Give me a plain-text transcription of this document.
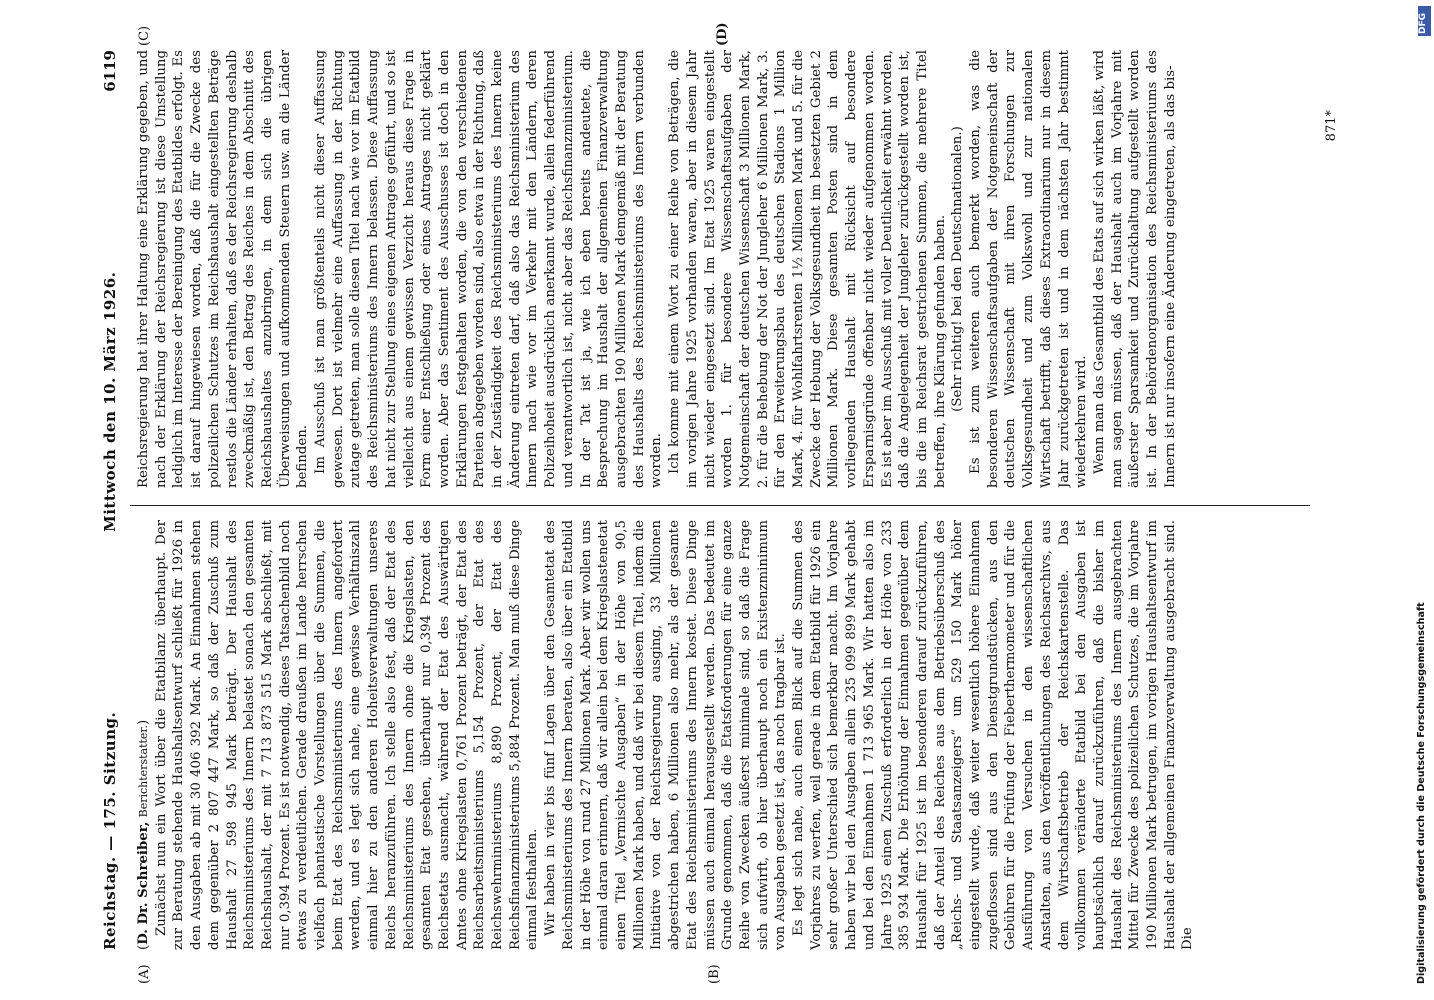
Reichstag. — 175. Sitzung.
Mittwoch den 10. März 1926.
6119

(D. Dr. Schreiber, Berichterstatter.) Zunächst nun ein Wort über die Etatbilanz überhaupt. Der zur Beratung stehende Haushaltsentwurf schließt für 1926 in den Ausgaben ab mit 30 406 392 Mark. An Einnahmen stehen dem gegenüber 2 807 447 Mark, so daß der Zuschuß zum Haushalt 27 598 945 Mark beträgt. Der Haushalt des Reichsministeriums des Innern belastet sonach den gesamten Reichshaushalt, der mit 7 713 873 515 Mark abschließt, mit nur 0,394 Prozent. Es ist notwendig, dieses Tatsachenbild noch etwas zu verdeutlichen. Gerade draußen im Lande herrschen vielfach phantastische Vorstellungen über die Summen, die beim Etat des Reichsministeriums des Innern angefordert werden, und es legt sich nahe, eine gewisse Verhältniszahl einmal hier zu den anderen Hoheitsverwaltungen unseres Reichs heranzuführen. Ich stelle also fest, daß der Etat des Reichsministeriums des Innern ohne die Kriegslasten, den gesamten Etat gesehen, überhaupt nur 0,394 Prozent des Reichsetats ausmacht, während der Etat des Auswärtigen Amtes ohne Kriegslasten 0,761 Prozent beträgt, der Etat des Reichsarbeitsministeriums 5,154 Prozent, der Etat des Reichswehrministeriums 8,890 Prozent, der Etat des Reichsfinanzministeriums 5,884 Prozent. Man muß diese Dinge einmal festhalten. Wir haben in vier bis fünf Lagen über den Gesamtetat des Reichsministeriums des Innern beraten, also über ein Etatbild in der Höhe von rund 27 Millionen Mark. Aber wir wollen uns einmal daran erinnern, daß wir allein bei dem Kriegslastenetat einen Titel „Vermischte Ausgaben“ in der Höhe von 90,5 Millionen Mark haben, und daß wir bei diesem Titel, indem die Initiative von der Reichsregierung ausging, 33 Millionen abgestrichen haben, 6 Millionen also mehr, als der gesamte Etat des Reichsministeriums des Innern kostet. Diese Dinge müssen auch einmal herausgestellt werden. Das bedeutet im Grunde genommen, daß die Etatsforderungen für eine ganze Reihe von Zwecken äußerst minimale sind, so daß die Frage sich aufwirft, ob hier überhaupt noch ein Existenzminimum von Ausgaben gesetzt ist, das noch tragbar ist. Es legt sich nahe, auch einen Blick auf die Summen des Vorjahres zu werfen, weil gerade in dem Etatbild für 1926 ein sehr großer Unterschied sich bemerkbar macht. Im Vorjahre haben wir bei den Ausgaben allein 235 099 899 Mark gehabt und bei den Einnahmen 1 713 965 Mark. Wir hatten also im Jahre 1925 einen Zuschuß erforderlich in der Höhe von 233 385 934 Mark. Die Erhöhung der Einnahmen gegenüber dem Haushalt für 1925 ist im besonderen darauf zurückzuführen, daß der Anteil des Reiches aus dem Betriebsüberschuß des „Reichs- und Staatsanzeigers“ um 529 150 Mark höher eingestellt wurde, daß weiter wesentlich höhere Einnahmen zugeflossen sind aus den Dienstgrundstücken, aus den Gebühren für die Prüfung der Fieberthermometer und für die Ausführung von Versuchen in den wissenschaftlichen Anstalten, aus den Veröffentlichungen des Reichsarchivs, aus dem Wirtschaftsbetrieb der Reichskartenstelle. Das vollkommen veränderte Etatbild bei den Ausgaben ist hauptsächlich darauf zurückzuführen, daß die bisher im Haushalt des Reichsministeriums des Innern ausgebrachten Mittel für Zwecke des polizeilichen Schutzes, die im Vorjahre 190 Millionen Mark betrugen, im vorigen Haushaltsentwurf im Haushalt der allgemeinen Finanzverwaltung ausgebracht sind. Die

Reichsregierung hat ihrer Haltung eine Erklärung gegeben, und nach der Erklärung der Reichsregierung ist diese Umstellung lediglich im Interesse der Bereinigung des Etatbildes erfolgt. Es ist darauf hingewiesen worden, daß die für die Zwecke des polizeilichen Schutzes im Reichshaushalt eingestellten Beträge restlos die Länder erhalten, daß es der Reichsregierung deshalb zweckmäßig ist, den Betrag des Reiches in dem Abschnitt des Reichshaushaltes anzubringen, in dem sich die übrigen Überweisungen und aufkommenden Steuern usw. an die Länder befinden. Im Ausschuß ist man größtenteils nicht dieser Auffassung gewesen. Dort ist vielmehr eine Auffassung in der Richtung zutage getreten, man solle diesen Titel nach wie vor im Etatbild des Reichsministeriums des Innern belassen. Diese Auffassung hat nicht zur Stellung eines eigenen Antrages geführt, und so ist vielleicht aus einem gewissen Verzicht heraus diese Frage in Form einer Entschließung oder eines Antrages nicht geklärt worden. Aber das Sentiment des Ausschusses ist doch in den Erklärungen festgehalten worden, die von den verschiedenen Parteien abgegeben worden sind, also etwa in der Richtung, daß in der Zuständigkeit des Reichsministeriums des Innern keine Änderung eintreten darf, daß also das Reichsministerium des Innern nach wie vor im Verkehr mit den Ländern, deren Polizeihoheit ausdrücklich anerkannt wurde, allein federführend und verantwortlich ist, nicht aber das Reichsfinanzministerium. In der Tat ist ja, wie ich eben bereits andeutete, die Besprechung im Haushalt der allgemeinen Finanzverwaltung ausgebrachten 190 Millionen Mark demgemäß mit der Beratung des Haushalts des Reichsministeriums des Innern verbunden worden. Ich komme mit einem Wort zu einer Reihe von Beträgen, die im vorigen Jahre 1925 vorhanden waren, aber in diesem Jahr nicht wieder eingesetzt sind. Im Etat 1925 waren eingestellt worden 1. für besondere Wissenschaftsaufgaben der Notgemeinschaft der deutschen Wissenschaft 3 Millionen Mark, 2. für die Behebung der Not der Jungleher 6 Millionen Mark, 3. für den Erweiterungsbau des deutschen Stadions 1 Million Mark, 4. für Wohlfahrtsrenten 1½ Millionen Mark und 5. für die Zwecke der Hebung der Volksgesundheit im besetzten Gebiet 2 Millionen Mark. Diese gesamten Posten sind in dem vorliegenden Haushalt mit Rücksicht auf besondere Ersparnisgründe offenbar nicht wieder aufgenommen worden. Es ist aber im Ausschuß mit voller Deutlichkeit erwähnt worden, daß die Angelegenheit der Jungleher zurückgestellt worden ist, bis die im Reichsrat gestrichenen Summen, die mehrere Titel betreffen, ihre Klärung gefunden haben. (Sehr richtig! bei den Deutschnationalen.) Es ist zum weiteren auch bemerkt worden, was die besonderen Wissenschaftsaufgaben der Notgemeinschaft der deutschen Wissenschaft mit ihren Forschungen zur Volksgesundheit und zum Volkswohl und zur nationalen Wirtschaft betrifft, daß dieses Extraordinarium nur in diesem Jahr zurückgetreten ist und in dem nächsten Jahr bestimmt wiederkehren wird. Wenn man das Gesamtbild des Etats auf sich wirken läßt, wird man sagen müssen, daß der Haushalt auch im Vorjahre mit äußerster Sparsamkeit und Zurückhaltung aufgestellt worden ist. In der Behördenorganisation des Reichsministeriums des Innern ist nur insofern eine Änderung eingetreten, als das bis-

(A)	(B)
(C)	(D)
871*
DFG
Digitalisierung gefördert durch die Deutsche Forschungsgemeinschaft
